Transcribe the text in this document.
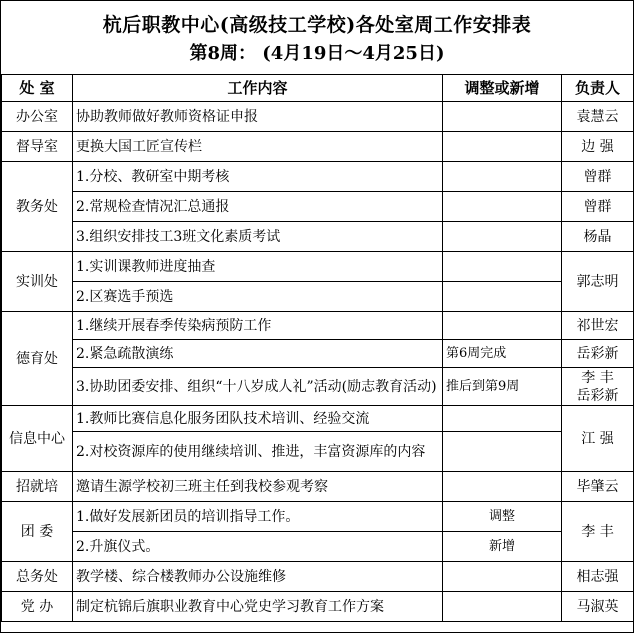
杭后职教中心(高级技工学校)各处室周工作安排表
第8周： (4月19日～4月25日)
处 室	工作内容	调整或新增	负责人
办公室	协助教师做好教师资格证申报		袁慧云
督导室	更换大国工匠宣传栏		边 强
教务处	1.分校、教研室中期考核		曾群
	2.常规检查情况汇总通报		曾群
	3.组织安排技工3班文化素质考试		杨晶
实训处	1.实训课教师进度抽查		郭志明
	2.区赛选手预选		
德育处	1.继续开展春季传染病预防工作		祁世宏
	2.紧急疏散演练	第6周完成	岳彩新
	3.协助团委安排、组织“十八岁成人礼”活动(励志教育活动)	推后到第9周	李 丰
岳彩新

信息中心	1.教师比赛信息化服务团队技术培训、经验交流		江 强
	2.对校资源库的使用继续培训、推进，丰富资源库的内容		
招就培	邀请生源学校初三班主任到我校参观考察		毕肇云
团 委	1.做好发展新团员的培训指导工作。	调整	李 丰
	2.升旗仪式。	新增	
总务处	教学楼、综合楼教师办公设施维修		相志强
党 办	制定杭锦后旗职业教育中心党史学习教育工作方案		马淑英
